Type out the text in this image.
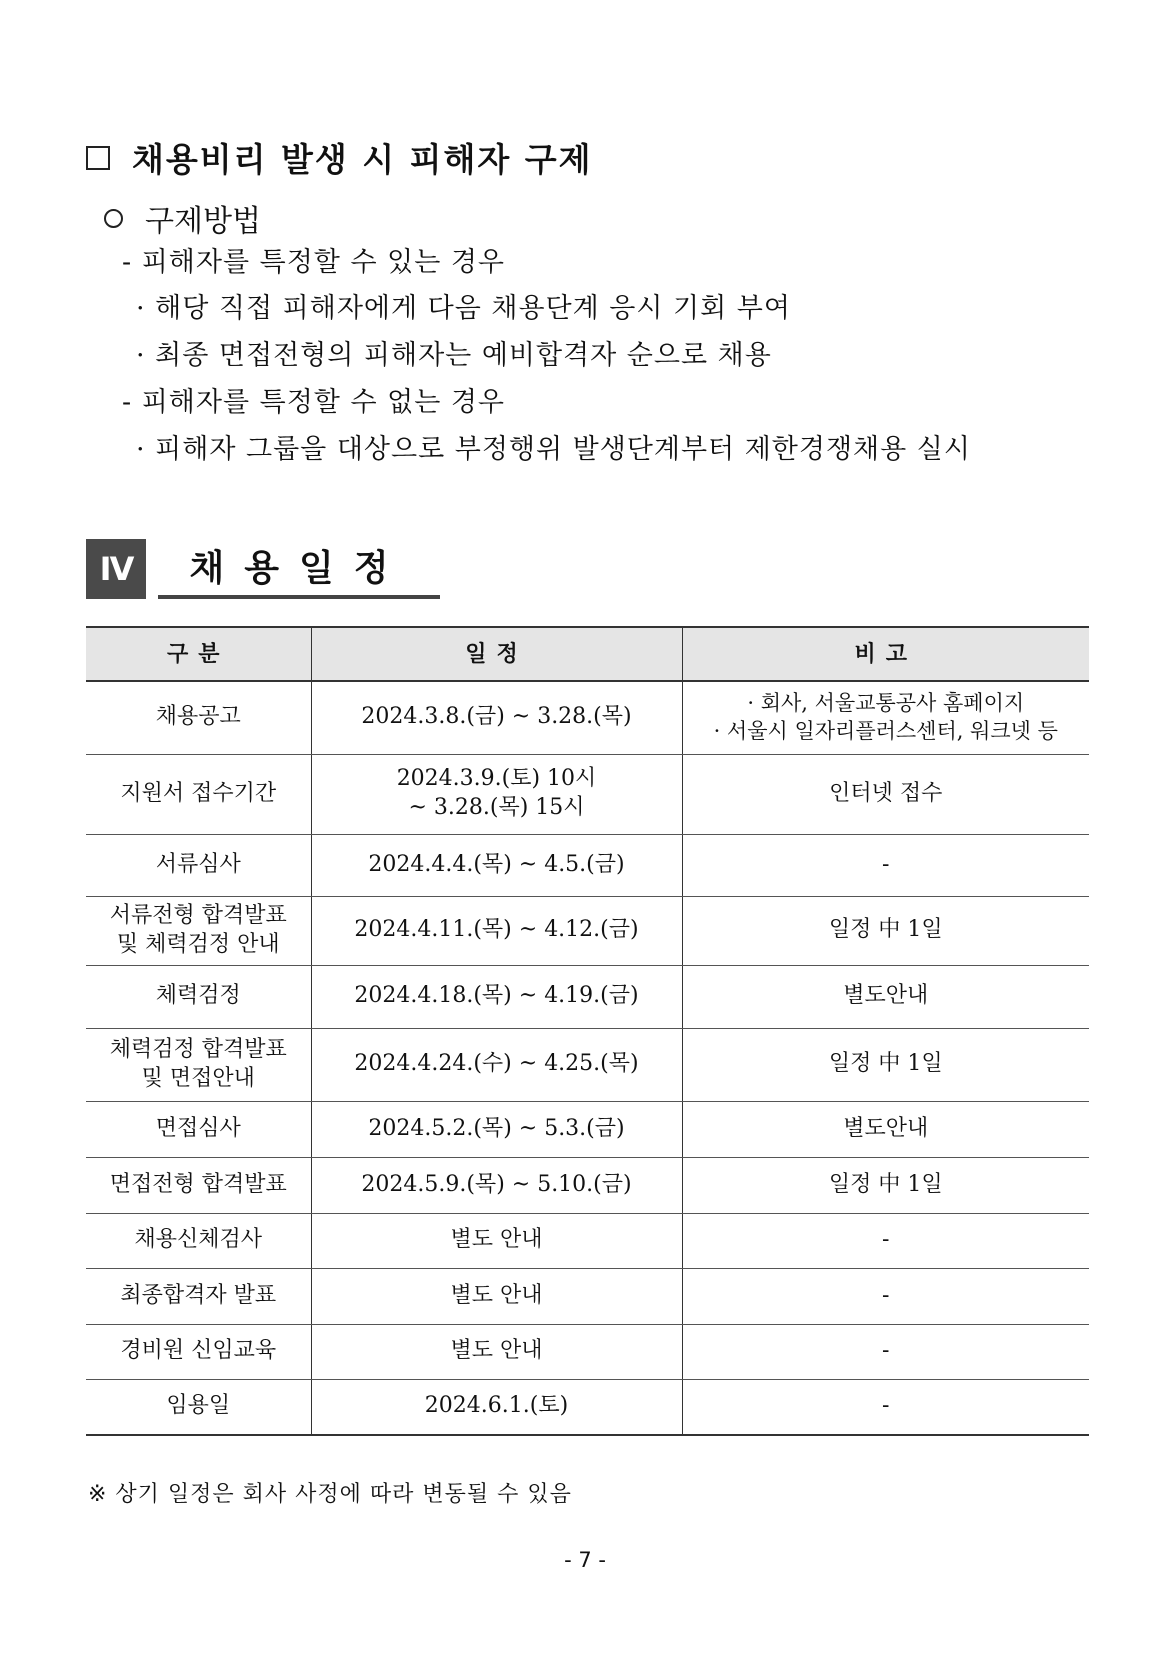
채용비리 발생 시 피해자 구제
구제방법
- 피해자를 특정할 수 있는 경우
· 해당 직접 피해자에게 다음 채용단계 응시 기회 부여
· 최종 면접전형의 피해자는 예비합격자 순으로 채용
- 피해자를 특정할 수 없는 경우
· 피해자 그룹을 대상으로 부정행위 발생단계부터 제한경쟁채용 실시
IV	채용일정
구분	일정	비고
채용공고	2024.3.8.(금) ~ 3.28.(목)	· 회사, 서울교통공사 홈페이지
· 서울시 일자리플러스센터, 워크넷 등
지원서 접수기간	2024.3.9.(토) 10시
~ 3.28.(목) 15시	인터넷 접수
서류심사	2024.4.4.(목) ~ 4.5.(금)	-
서류전형 합격발표
및 체력검정 안내	2024.4.11.(목) ~ 4.12.(금)	일정 中 1일
체력검정	2024.4.18.(목) ~ 4.19.(금)	별도안내
체력검정 합격발표
및 면접안내	2024.4.24.(수) ~ 4.25.(목)	일정 中 1일
면접심사	2024.5.2.(목) ~ 5.3.(금)	별도안내
면접전형 합격발표	2024.5.9.(목) ~ 5.10.(금)	일정 中 1일
채용신체검사	별도 안내	-
최종합격자 발표	별도 안내	-
경비원 신임교육	별도 안내	-
임용일	2024.6.1.(토)	-
※ 상기 일정은 회사 사정에 따라 변동될 수 있음
- 7 -
